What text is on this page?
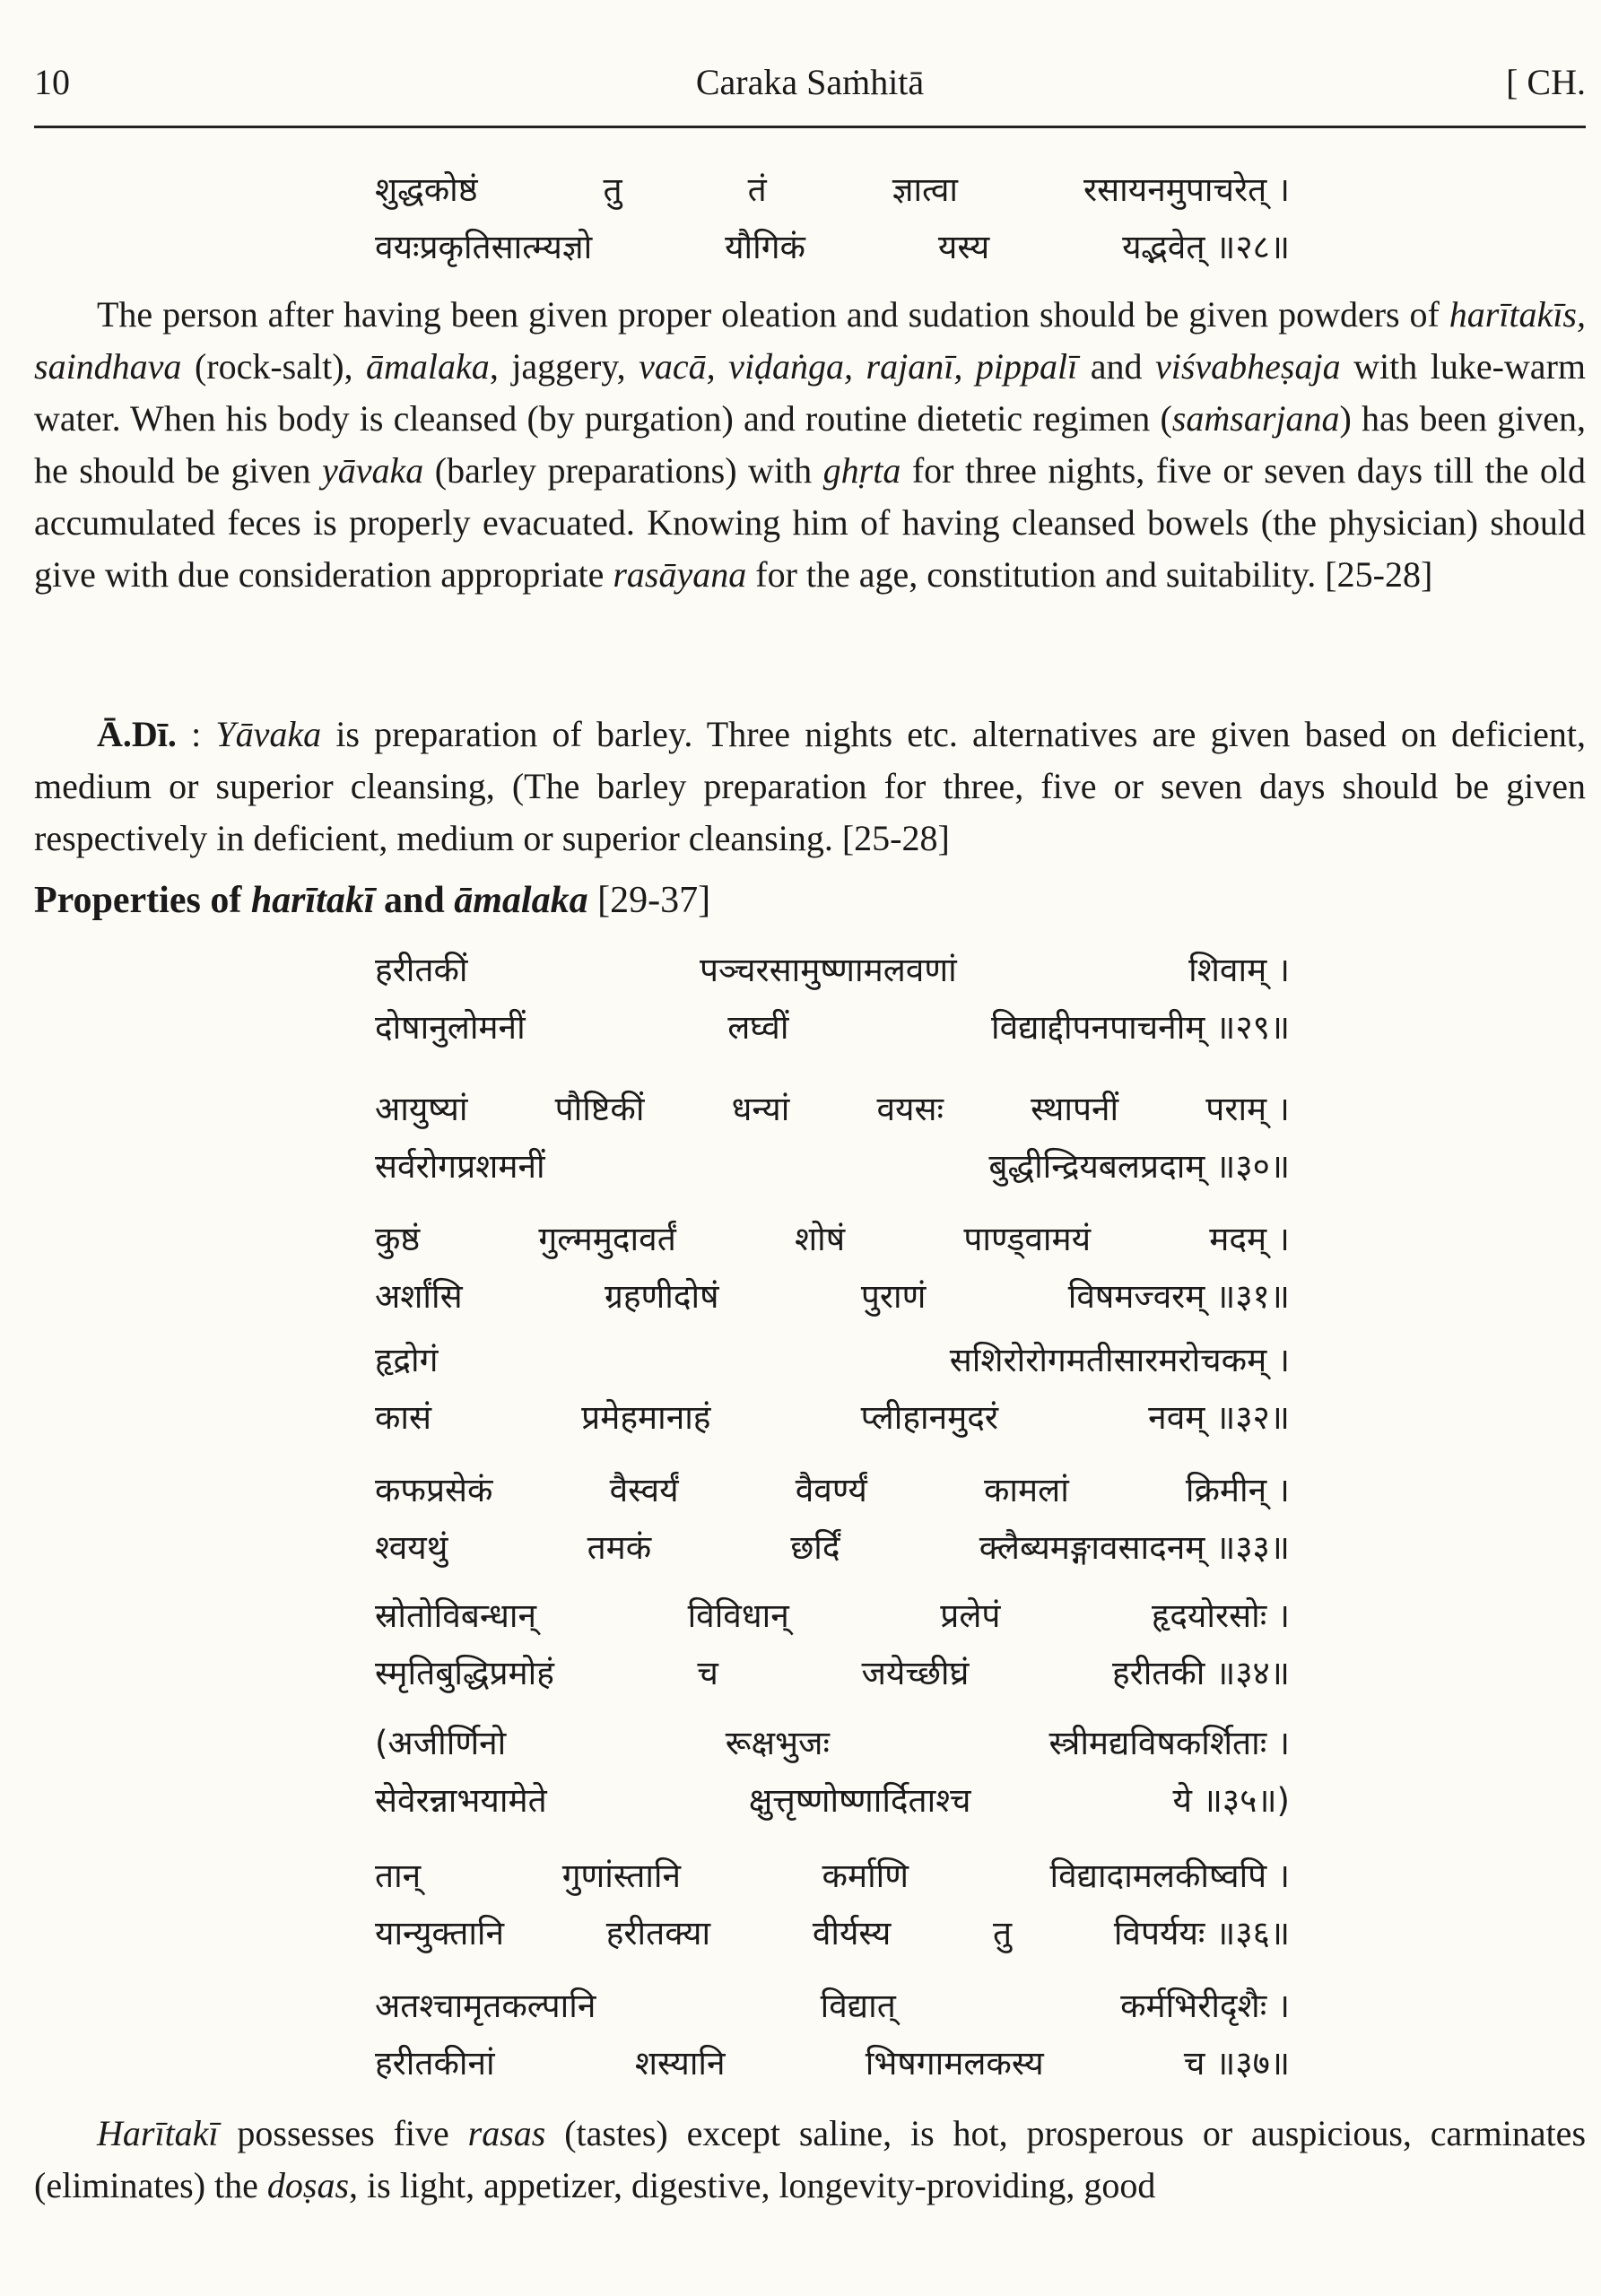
10	Caraka Saṁhitā	[ CH.
शुद्धकोष्ठं	तु	तं	ज्ञात्वा	रसायनमुपाचरेत् ।
वयःप्रकृतिसात्म्यज्ञो	यौगिकं	यस्य	यद्भवेत् ॥२८॥

The person after having been given proper oleation and sudation should be given powders of harītakīs, saindhava (rock-salt), āmalaka, jaggery, vacā, viḍaṅga, rajanī, pippalī and viśvabheṣaja with luke-warm water. When his body is cleansed (by purgation) and routine dietetic regimen (saṁsarjana) has been given, he should be given yāvaka (barley preparations) with ghṛta for three nights, five or seven days till the old accumulated feces is properly evacuated. Knowing him of having cleansed bowels (the physician) should give with due consideration appropriate rasāyana for the age, constitution and suitability. [25-28]

Ā.Dī. : Yāvaka is preparation of barley. Three nights etc. alternatives are given based on deficient, medium or superior cleansing, (The barley preparation for three, five or seven days should be given respectively in deficient, medium or superior cleansing. [25-28]

Properties of harītakī and āmalaka [29-37]

हरीतकीं	पञ्चरसामुष्णामलवणां	शिवाम् ।
दोषानुलोमनीं	लघ्वीं	विद्याद्दीपनपाचनीम् ॥२९॥
आयुष्यां	पौष्टिकीं	धन्यां	वयसः	स्थापनीं	पराम् ।
सर्वरोगप्रशमनीं	बुद्धीन्द्रियबलप्रदाम् ॥३०॥
कुष्ठं	गुल्ममुदावर्तं	शोषं	पाण्ड्वामयं	मदम् ।
अर्शांसि	ग्रहणीदोषं	पुराणं	विषमज्वरम् ॥३१॥
हृद्रोगं	सशिरोरोगमतीसारमरोचकम् ।
कासं	प्रमेहमानाहं	प्लीहानमुदरं	नवम् ॥३२॥
कफप्रसेकं	वैस्वर्यं	वैवर्ण्यं	कामलां	क्रिमीन् ।
श्वयथुं	तमकं	छर्दिं	क्लैब्यमङ्गावसादनम् ॥३३॥
स्रोतोविबन्धान्	विविधान्	प्रलेपं	हृदयोरसोः ।
स्मृतिबुद्धिप्रमोहं	च	जयेच्छीघ्रं	हरीतकी ॥३४॥
(अजीर्णिनो	रूक्षभुजः	स्त्रीमद्यविषकर्शिताः ।
सेवेरन्नाभयामेते	क्षुत्तृष्णोष्णार्दिताश्च	ये ॥३५॥)
तान्	गुणांस्तानि	कर्माणि	विद्यादामलकीष्वपि ।
यान्युक्तानि	हरीतक्या	वीर्यस्य	तु	विपर्ययः ॥३६॥
अतश्चामृतकल्पानि	विद्यात्	कर्मभिरीदृशैः ।
हरीतकीनां	शस्यानि	भिषगामलकस्य	च ॥३७॥

Harītakī possesses five rasas (tastes) except saline, is hot, prosperous or auspicious, carminates (eliminates) the doṣas, is light, appetizer, digestive, longevity-providing, good
